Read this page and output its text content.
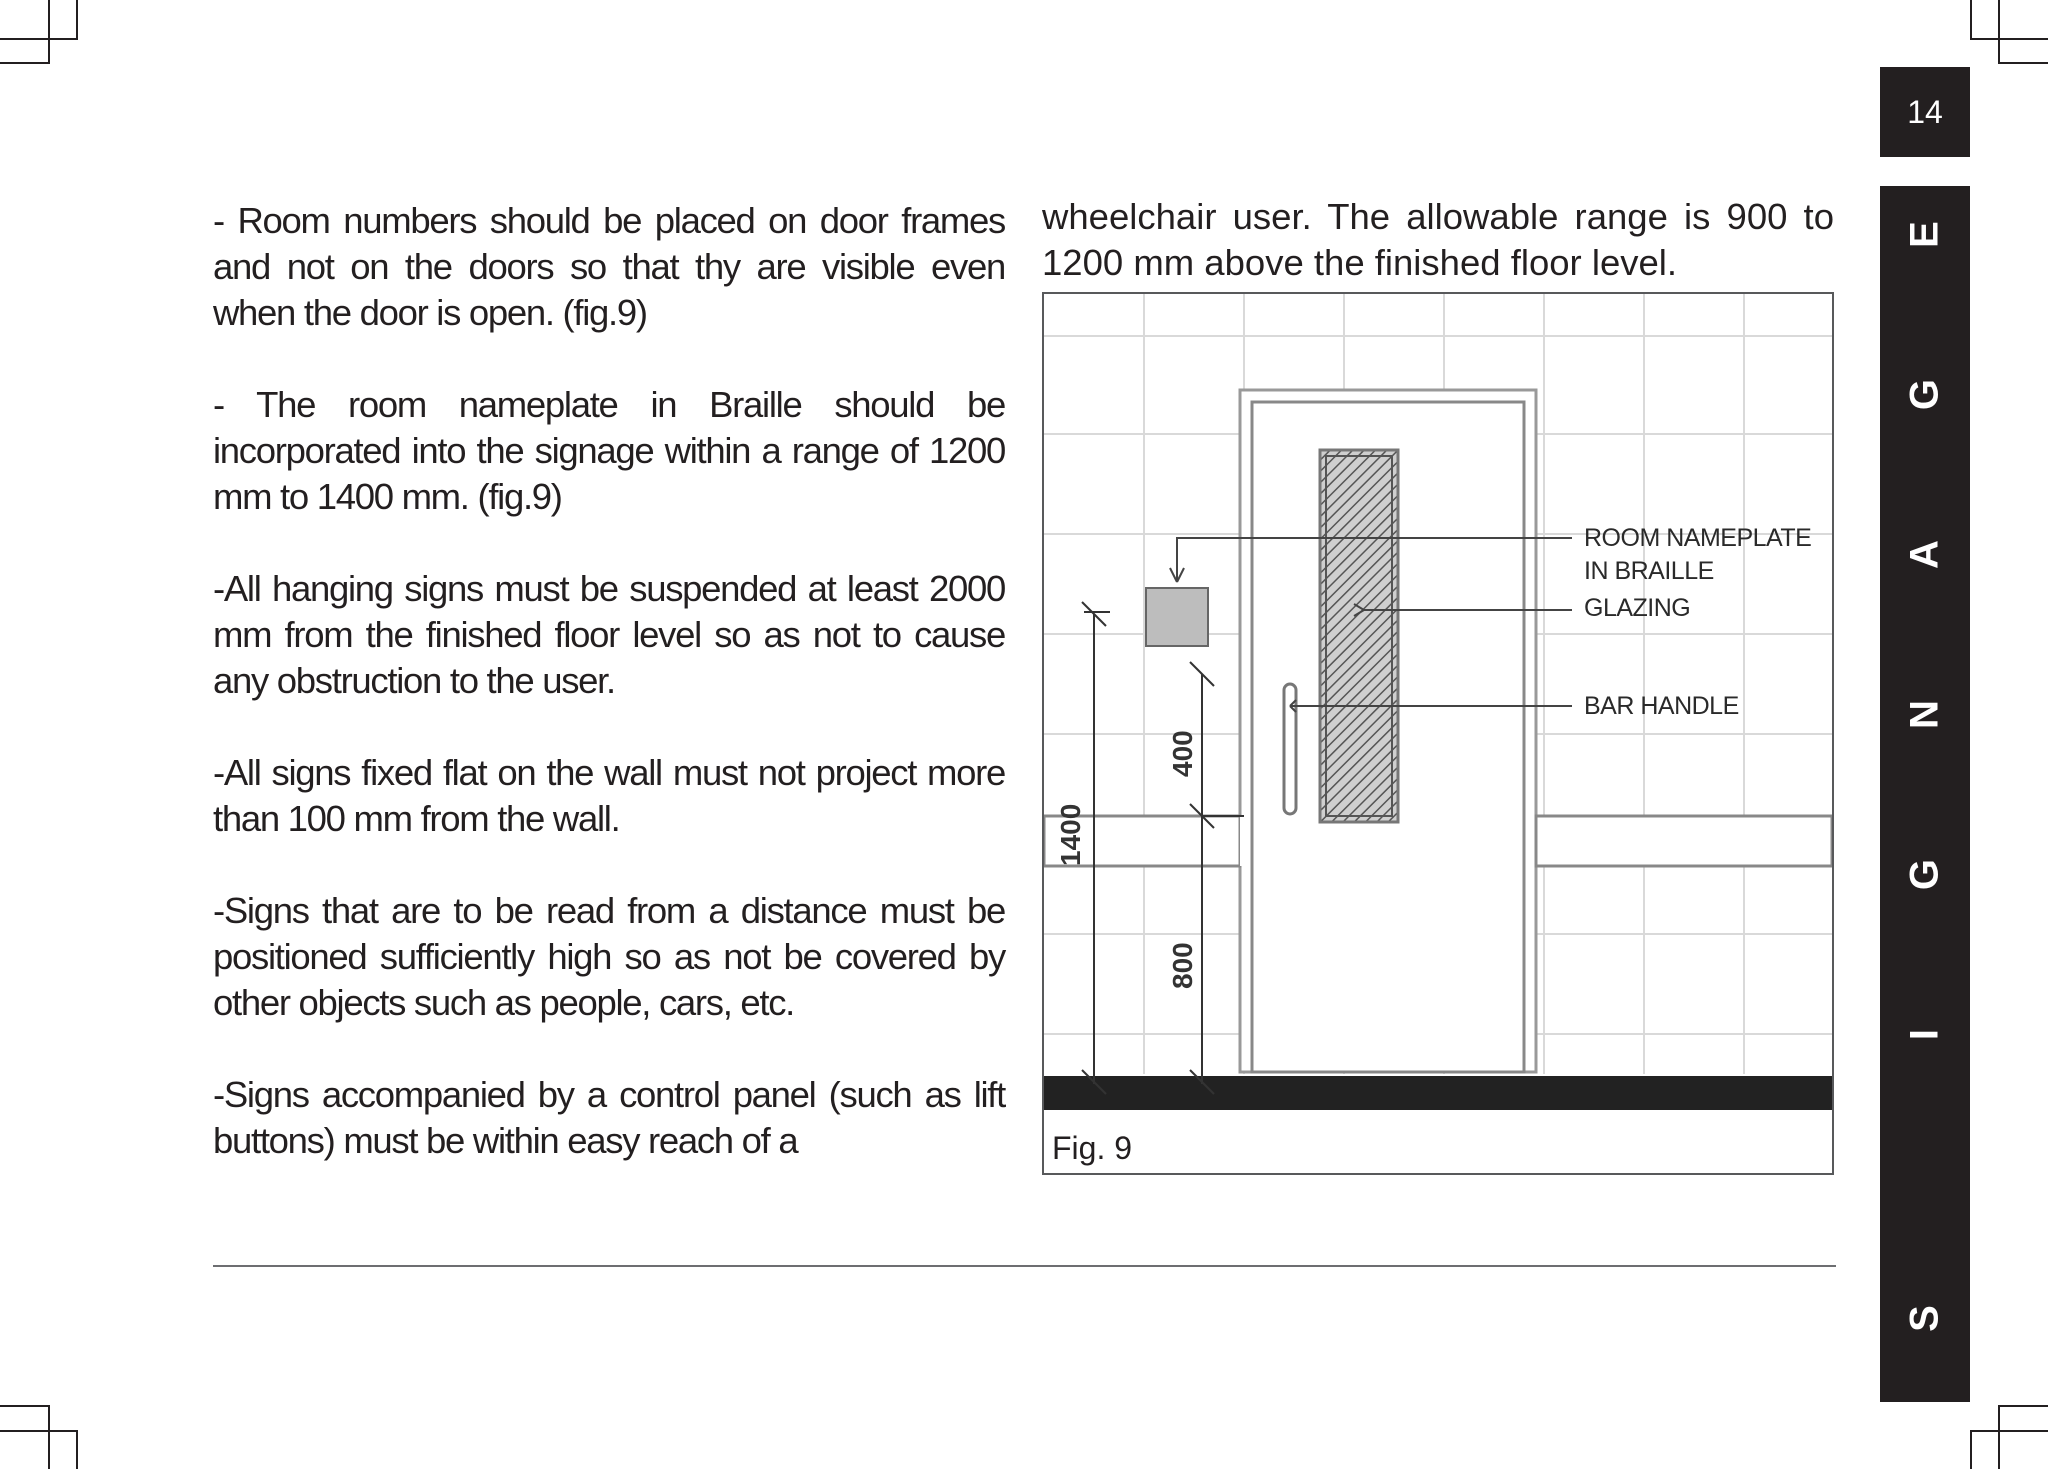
14
E
G
A
N
G
I
S

- Room numbers should be placed on door frames and not on the doors so that thy are visible even when the door is open. (fig.9)

- The room nameplate in Braille should be incorporated into the signage within a range of 1200 mm to 1400 mm. (fig.9)

-All hanging signs must be suspended at least 2000 mm from the finished floor level so as not to cause any obstruction to the user.

-All signs fixed flat on the wall must not project more than 100 mm from the wall.

-Signs that are to be read from a distance must be positioned sufficiently high so as not be covered by other objects such as people, cars, etc.

-Signs accompanied by a control panel (such as lift buttons) must be within easy reach of a

wheelchair user. The allowable range is 900 to
1200 mm above the finished floor level.
ROOM NAMEPLATE
IN BRAILLE
GLAZING
BAR HANDLE
1400
400
800
Fig. 9
